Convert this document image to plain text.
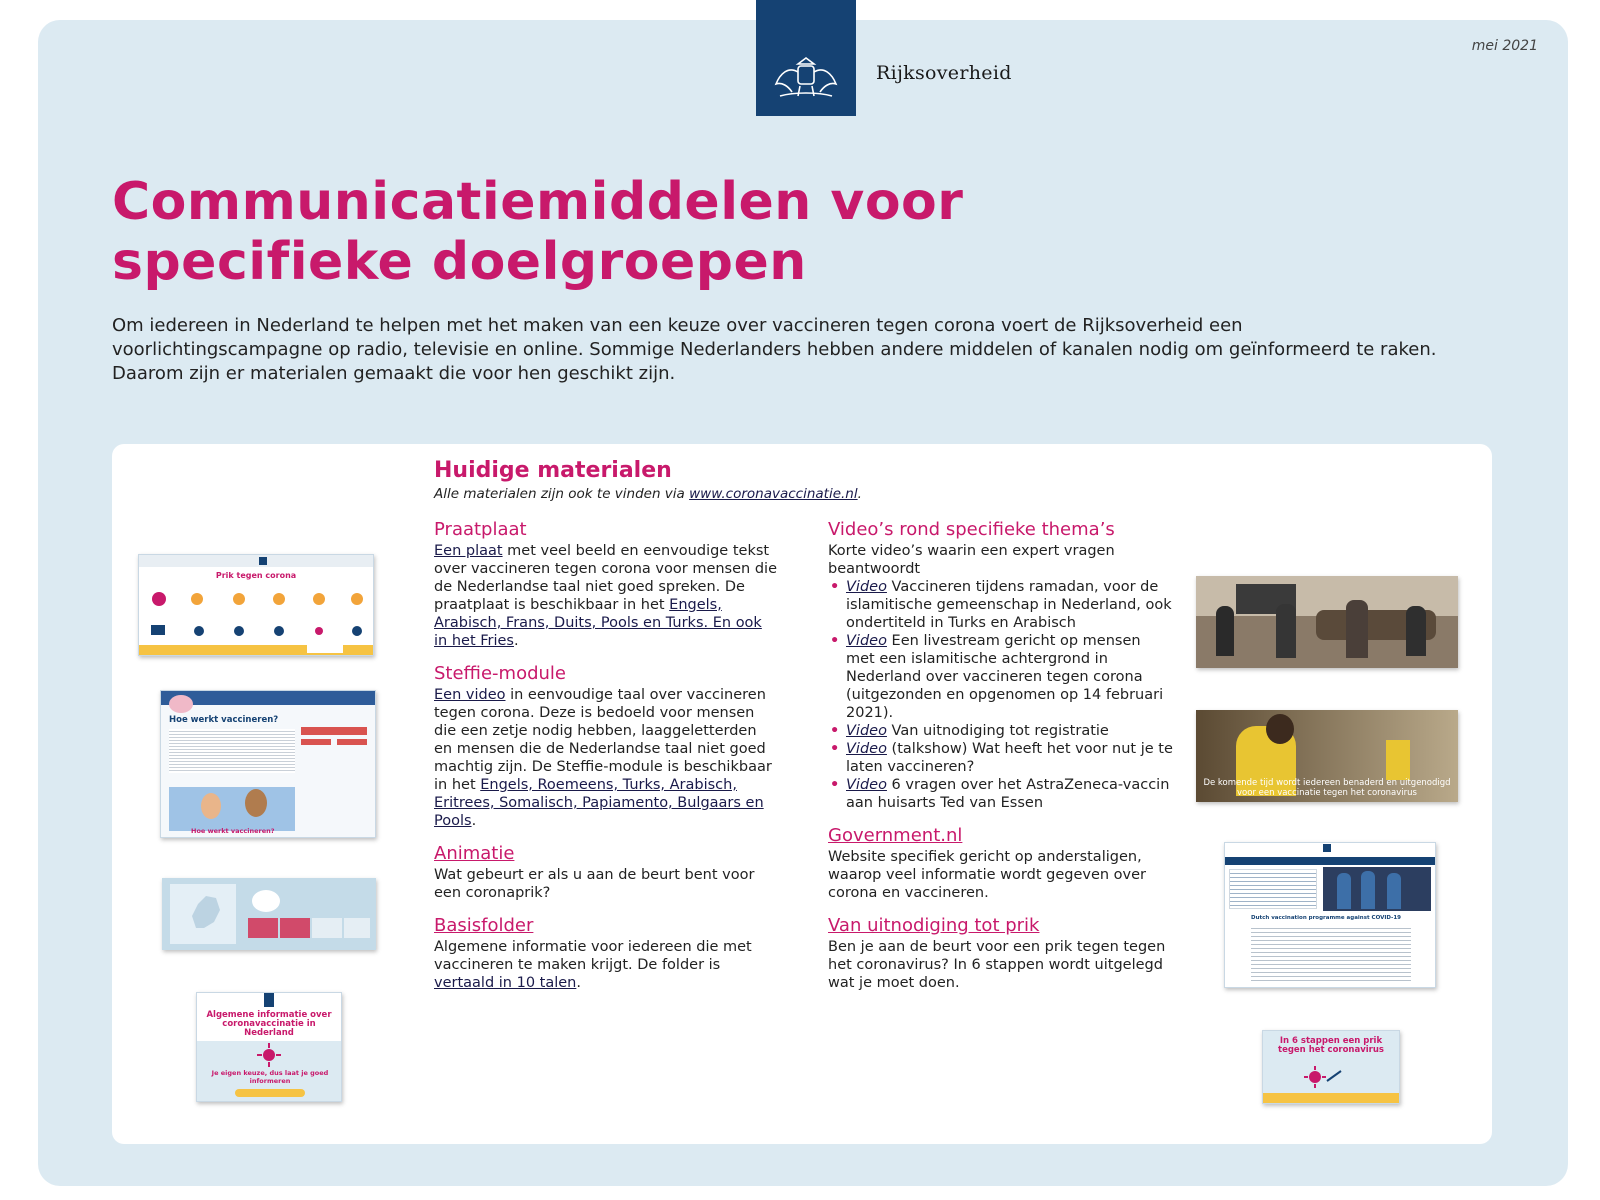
Rijksoverheid
mei 2021
Communicatiemiddelen voor
specifieke doelgroepen

Om iedereen in Nederland te helpen met het maken van een keuze over vaccineren tegen corona voert de Rijksoverheid een voorlichtingscampagne op radio, televisie en online. Sommige Nederlanders hebben andere middelen of kanalen nodig om geïnformeerd te raken. Daarom zijn er materialen gemaakt die voor hen geschikt zijn.

Huidige materialen
Alle materialen zijn ook te vinden via www.coronavaccinatie.nl.
Praatplaat
Een plaat met veel beeld en eenvoudige tekst over vaccineren tegen corona voor mensen die de Nederlandse taal niet goed spreken. De praatplaat is beschikbaar in het Engels, Arabisch, Frans, Duits, Pools en Turks. En ook in het Fries.
Steffie-module
Een video in eenvoudige taal over vaccineren tegen corona. Deze is bedoeld voor mensen die een zetje nodig hebben, laaggeletterden en mensen die de Nederlandse taal niet goed machtig zijn. De Steffie-module is beschikbaar in het Engels, Roemeens, Turks, Arabisch, Eritrees, Somalisch, Papiamento, Bulgaars en Pools.
Animatie
Wat gebeurt er als u aan de beurt bent voor een coronaprik?
Basisfolder
Algemene informatie voor iedereen die met vaccineren te maken krijgt. De folder is vertaald in 10 talen.
Video’s rond specifieke thema’s
Korte video’s waarin een expert vragen beantwoordt
• Video Vaccineren tijdens ramadan, voor de islamitische gemeenschap in Nederland, ook ondertiteld in Turks en Arabisch
• Video Een livestream gericht op mensen met een islamitische achtergrond in Nederland over vaccineren tegen corona (uitgezonden en opgenomen op 14 februari 2021).
• Video Van uitnodiging tot registratie
• Video (talkshow) Wat heeft het voor nut je te laten vaccineren?
• Video 6 vragen over het AstraZeneca-vaccin aan huisarts Ted van Essen
Government.nl
Website specifiek gericht op anderstaligen, waarop veel informatie wordt gegeven over corona en vaccineren.
Van uitnodiging tot prik
Ben je aan de beurt voor een prik tegen tegen het coronavirus? In 6 stappen wordt uitgelegd wat je moet doen.
Prik tegen corona
Hoe werkt vaccineren?
Hoe werkt vaccineren?
Algemene informatie over coronavaccinatie in Nederland
Je eigen keuze, dus laat je goed informeren
De komende tijd wordt iedereen benaderd en uitgenodigd voor een vaccinatie tegen het coronavirus
Dutch vaccination programme against COVID-19
In 6 stappen een prik tegen het coronavirus
